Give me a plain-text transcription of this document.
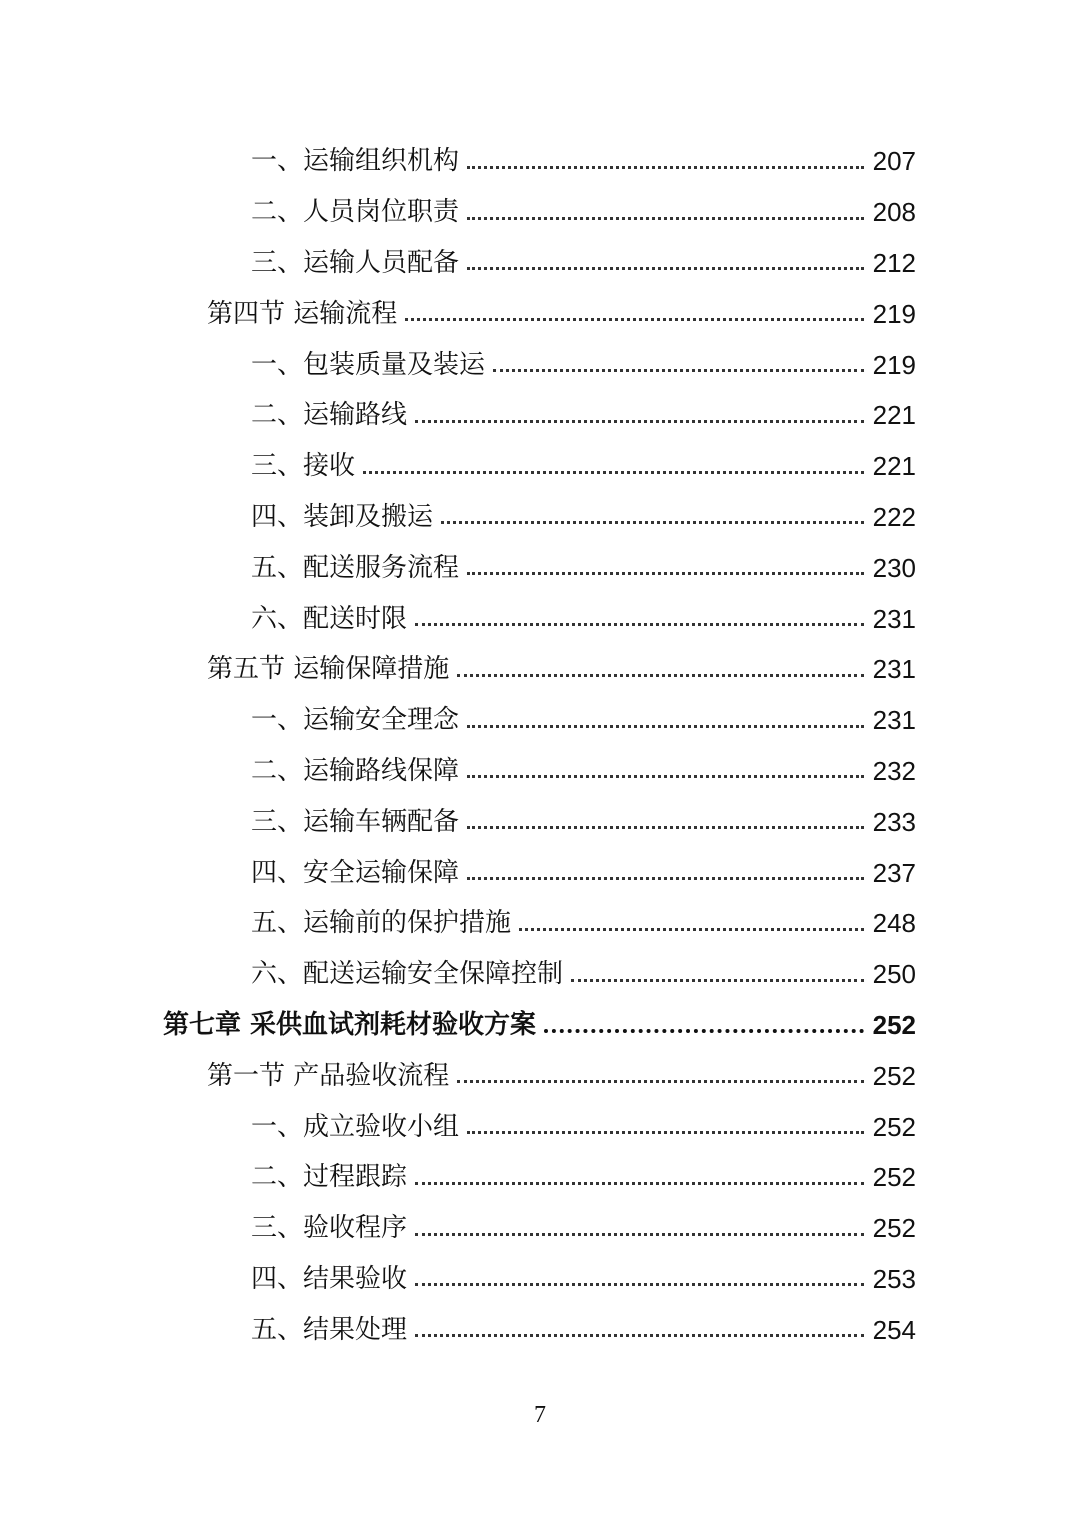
一、运输组织机构	207
二、人员岗位职责	208
三、运输人员配备	212
第四节 运输流程	219
一、包装质量及装运	219
二、运输路线	221
三、接收	221
四、装卸及搬运	222
五、配送服务流程	230
六、配送时限	231
第五节 运输保障措施	231
一、运输安全理念	231
二、运输路线保障	232
三、运输车辆配备	233
四、安全运输保障	237
五、运输前的保护措施	248
六、配送运输安全保障控制	250
第七章 采供血试剂耗材验收方案	252
第一节 产品验收流程	252
一、成立验收小组	252
二、过程跟踪	252
三、验收程序	252
四、结果验收	253
五、结果处理	254
7
